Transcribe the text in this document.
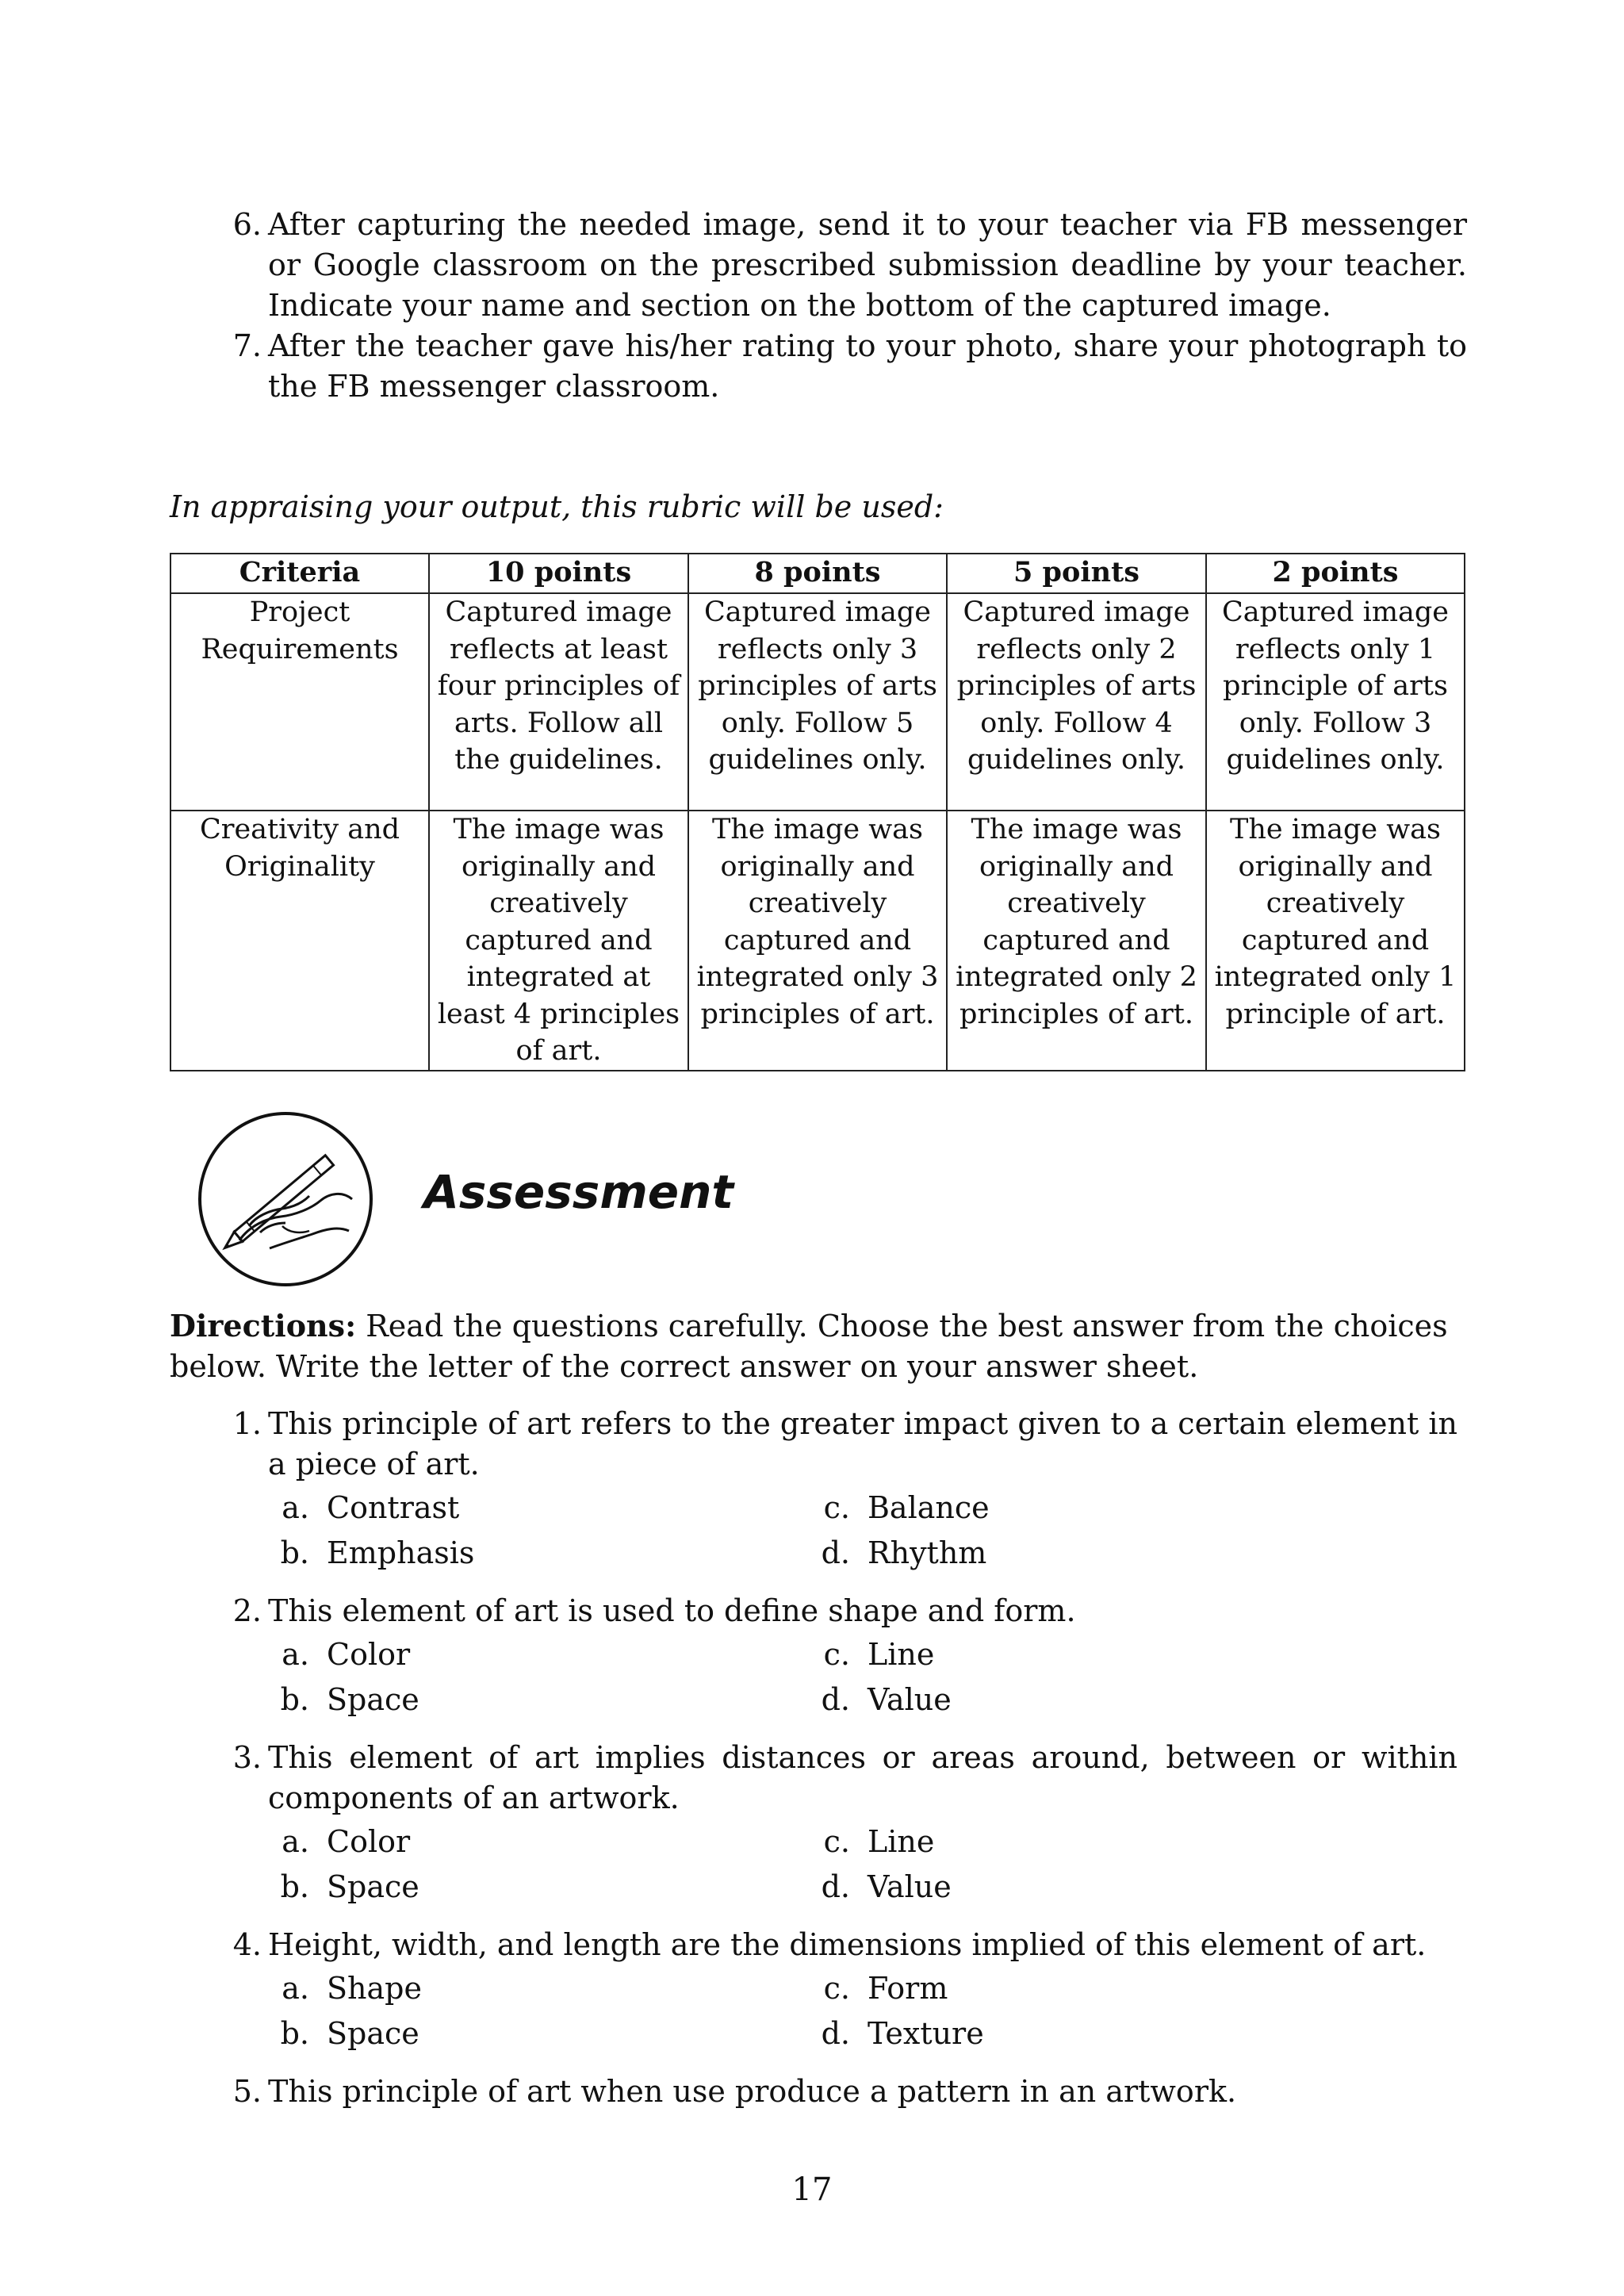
6. After capturing the needed image, send it to your teacher via FB messenger or Google classroom on the prescribed submission deadline by your teacher. Indicate your name and section on the bottom of the captured image.
7. After the teacher gave his/her rating to your photo, share your photograph to the FB messenger classroom.
In appraising your output, this rubric will be used:
Criteria	10 points	8 points	5 points	2 points
Project Requirements	Captured image reflects at least four principles of arts. Follow all the guidelines.	Captured image reflects only 3 principles of arts only. Follow 5 guidelines only.	Captured image reflects only 2 principles of arts only. Follow 4 guidelines only.	Captured image reflects only 1 principle of arts only. Follow 3 guidelines only.
Creativity and Originality	The image was originally and creatively captured and integrated at least 4 principles of art.	The image was originally and creatively captured and integrated only 3 principles of art.	The image was originally and creatively captured and integrated only 2 principles of art.	The image was originally and creatively captured and integrated only 1 principle of art.
Assessment
Directions: Read the questions carefully. Choose the best answer from the choices below. Write the letter of the correct answer on your answer sheet.
1. This principle of art refers to the greater impact given to a certain element in a piece of art.
a. Contrast
b. Emphasis
c. Balance
d. Rhythm
2. This element of art is used to define shape and form.
a. Color
b. Space
c. Line
d. Value
3. This element of art implies distances or areas around, between or within components of an artwork.
a. Color
b. Space
c. Line
d. Value
4. Height, width, and length are the dimensions implied of this element of art.
a. Shape
b. Space
c. Form
d. Texture
5. This principle of art when use produce a pattern in an artwork.
17
